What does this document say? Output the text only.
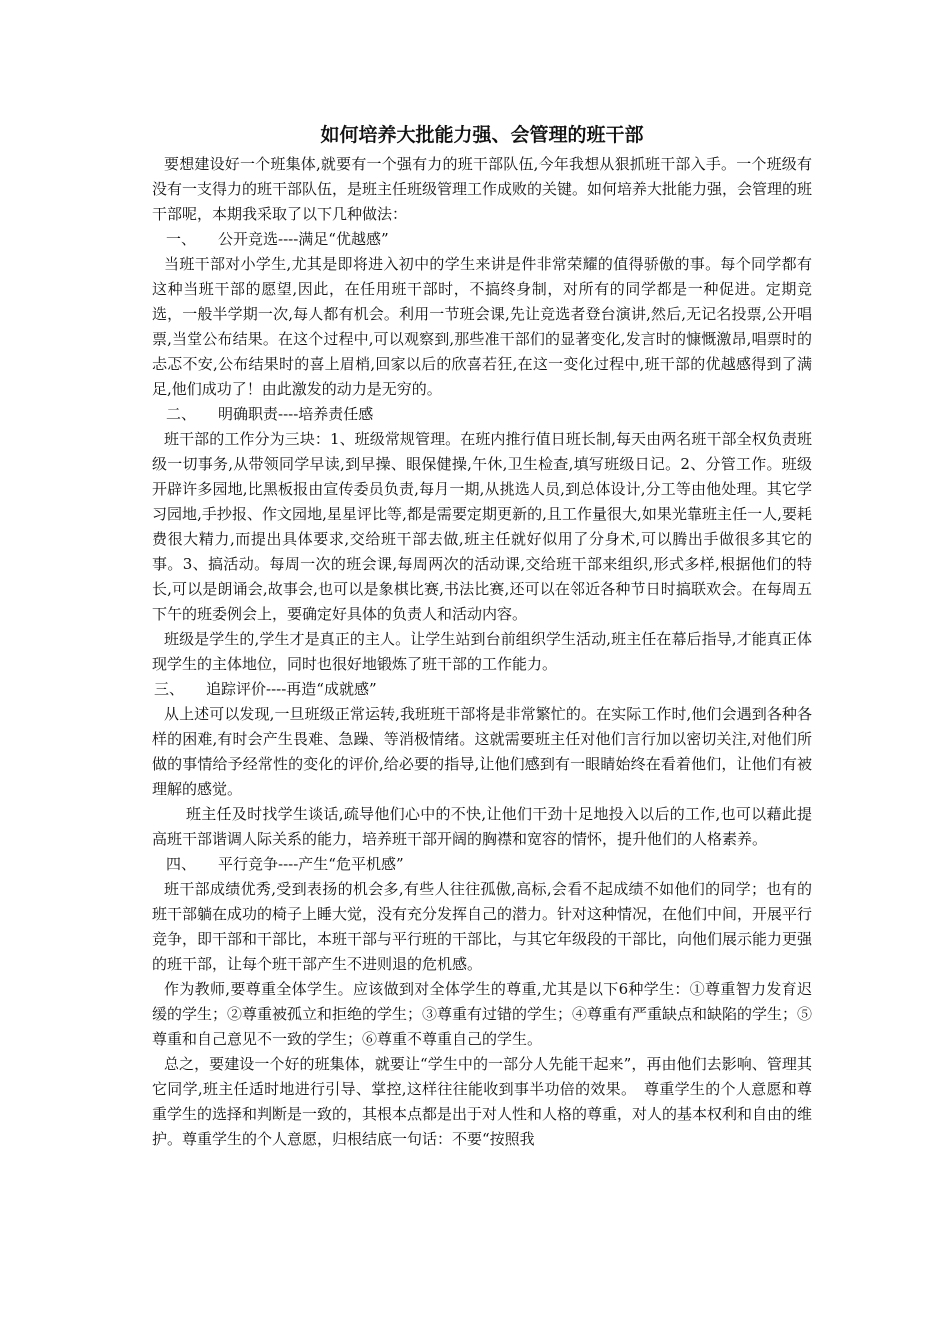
如何培养大批能力强、会管理的班干部

要想建设好一个班集体,就要有一个强有力的班干部队伍,今年我想从狠抓班干部入手。一个班级有没有一支得力的班干部队伍，是班主任班级管理工作成败的关键。如何培养大批能力强，会管理的班干部呢，本期我采取了以下几种做法：

一、 公开竞选----满足“优越感”

当班干部对小学生,尤其是即将进入初中的学生来讲是件非常荣耀的值得骄傲的事。每个同学都有这种当班干部的愿望,因此，在任用班干部时，不搞终身制，对所有的同学都是一种促进。定期竞选，一般半学期一次,每人都有机会。利用一节班会课,先让竞选者登台演讲,然后,无记名投票,公开唱票,当堂公布结果。在这个过程中,可以观察到,那些准干部们的显著变化,发言时的慷慨激昂,唱票时的忐忑不安,公布结果时的喜上眉梢,回家以后的欣喜若狂,在这一变化过程中,班干部的优越感得到了满足,他们成功了！由此激发的动力是无穷的。

二、 明确职责----培养责任感

班干部的工作分为三块：1、班级常规管理。在班内推行值日班长制,每天由两名班干部全权负责班级一切事务,从带领同学早读,到早操、眼保健操,午休,卫生检查,填写班级日记。2、分管工作。班级开辟许多园地,比黑板报由宣传委员负责,每月一期,从挑选人员,到总体设计,分工等由他处理。其它学习园地,手抄报、作文园地,星星评比等,都是需要定期更新的,且工作量很大,如果光靠班主任一人,要耗费很大精力,而提出具体要求,交给班干部去做,班主任就好似用了分身术,可以腾出手做很多其它的事。3、搞活动。每周一次的班会课,每周两次的活动课,交给班干部来组织,形式多样,根据他们的特长,可以是朗诵会,故事会,也可以是象棋比赛,书法比赛,还可以在邻近各种节日时搞联欢会。在每周五下午的班委例会上，要确定好具体的负责人和活动内容。

班级是学生的,学生才是真正的主人。让学生站到台前组织学生活动,班主任在幕后指导,才能真正体现学生的主体地位，同时也很好地锻炼了班干部的工作能力。

三、 追踪评价----再造“成就感”

从上述可以发现,一旦班级正常运转,我班班干部将是非常繁忙的。在实际工作时,他们会遇到各种各样的困难,有时会产生畏难、急躁、等消极情绪。这就需要班主任对他们言行加以密切关注,对他们所做的事情给予经常性的变化的评价,给必要的指导,让他们感到有一眼睛始终在看着他们，让他们有被理解的感觉。

班主任及时找学生谈话,疏导他们心中的不快,让他们干劲十足地投入以后的工作,也可以藉此提高班干部谐调人际关系的能力，培养班干部开阔的胸襟和宽容的情怀，提升他们的人格素养。

四、 平行竞争----产生“危平机感”

班干部成绩优秀,受到表扬的机会多,有些人往往孤傲,高标,会看不起成绩不如他们的同学；也有的班干部躺在成功的椅子上睡大觉，没有充分发挥自己的潜力。针对这种情况，在他们中间，开展平行竞争，即干部和干部比，本班干部与平行班的干部比，与其它年级段的干部比，向他们展示能力更强的班干部，让每个班干部产生不进则退的危机感。

作为教师,要尊重全体学生。应该做到对全体学生的尊重,尤其是以下6种学生：①尊重智力发育迟缓的学生；②尊重被孤立和拒绝的学生；③尊重有过错的学生；④尊重有严重缺点和缺陷的学生；⑤尊重和自己意见不一致的学生；⑥尊重不尊重自己的学生。

总之，要建设一个好的班集体，就要让“学生中的一部分人先能干起来”，再由他们去影响、管理其它同学,班主任适时地进行引导、掌控,这样往往能收到事半功倍的效果。　尊重学生的个人意愿和尊重学生的选择和判断是一致的，其根本点都是出于对人性和人格的尊重，对人的基本权利和自由的维护。尊重学生的个人意愿，归根结底一句话：不要“按照我
